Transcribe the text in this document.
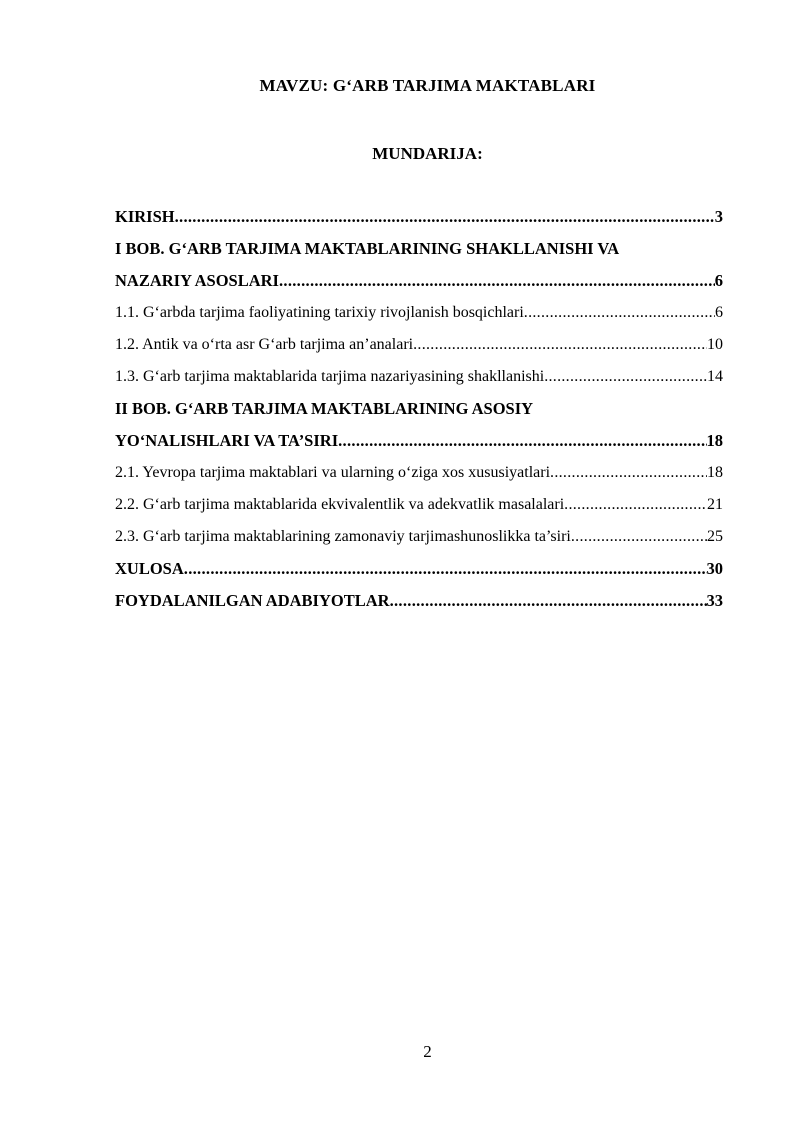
MAVZU: G‘ARB TARJIMA MAKTABLARI
MUNDARIJA:
KIRISH .....	3
I BOB. G‘ARB TARJIMA MAKTABLARINING SHAKLLANISHI VA
NAZARIY ASOSLARI .....	6
1.1. G‘arbda tarjima faoliyatining tarixiy rivojlanish bosqichlari .....	6
1.2. Antik va o‘rta asr G‘arb tarjima an’analari .....	10
1.3. G‘arb tarjima maktablarida tarjima nazariyasining shakllanishi .....	14
II BOB. G‘ARB TARJIMA MAKTABLARINING ASOSIY
YO‘NALISHLARI VA TA’SIRI .....	18
2.1. Yevropa tarjima maktablari va ularning o‘ziga xos xususiyatlari .....	18
2.2. G‘arb tarjima maktablarida ekvivalentlik va adekvatlik masalalari .....	21
2.3. G‘arb tarjima maktablarining zamonaviy tarjimashunoslikka ta’siri .....	25
XULOSA .....	30
FOYDALANILGAN ADABIYOTLAR .....	33
2
